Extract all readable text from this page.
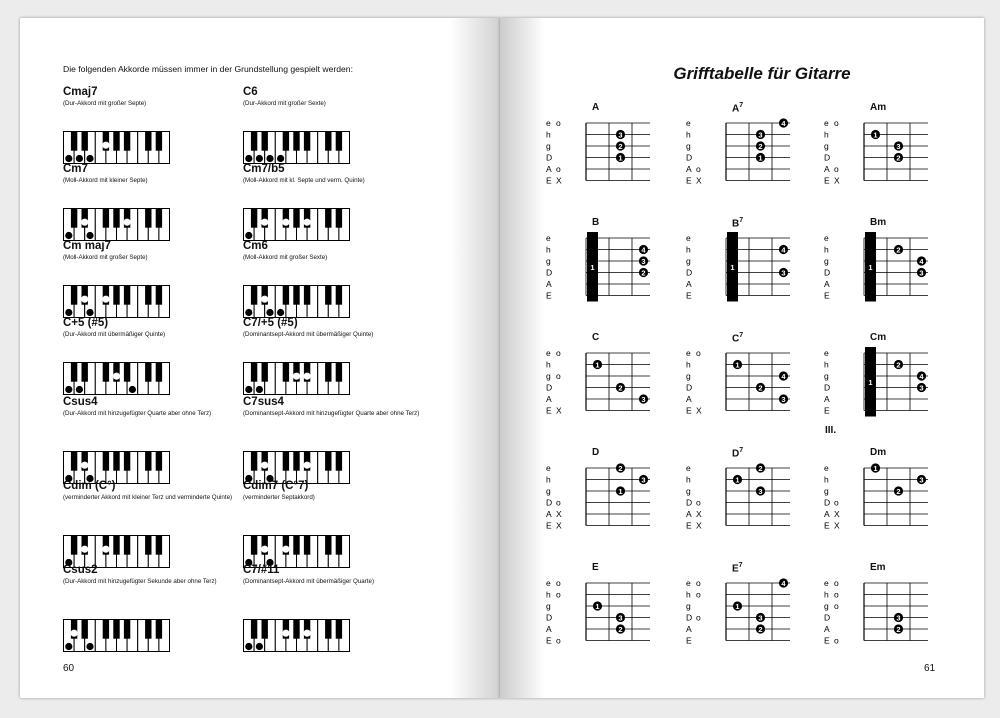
Die folgenden Akkorde müssen immer in der Grundstellung gespielt werden:
Cmaj7
(Dur-Akkord mit großer Septe)
C6
(Dur-Akkord mit großer Sexte)
Cm7
(Moll-Akkord mit kleiner Septe)
Cm7/b5
(Moll-Akkord mit kl. Septe und verm. Quinte)
Cm maj7
(Moll-Akkord mit großer Septe)
Cm6
(Moll-Akkord mit großer Sexte)
C+5 (#5)
(Dur-Akkord mit übermäßiger Quinte)
C7/+5 (#5)
(Dominantsept-Akkord mit übermäßiger Quinte)
Csus4
(Dur-Akkord mit hinzugefügter Quarte aber ohne Terz)
C7sus4
(Dominantsept-Akkord mit hinzugefügter Quarte aber ohne Terz)
Cdim (C°)
(verminderter Akkord mit kleiner Terz und verminderte Quinte)
Cdim7 (C°7)
(verminderter Septakkord)
Csus2
(Dur-Akkord mit hinzugefügter Sekunde aber ohne Terz)
C7/#11
(Dominantsept-Akkord mit übermäßiger Quarte)
60
Grifftabelle für Gitarre
A
e o
h
g
D
A o
E X
3
2
1
$A^7$
e
h
g
D
A o
E X
4
3
2
1
Am
e o
h
g
D
A o
E X
1
3
2
B
e
h
g
D
A
E
1
4
3
2
$B^7$
e
h
g
D
A
E
1
4
3
Bm
e
h
g
D
A
E
1
2
4
3
C
e o
h
g o
D
A
E X
1
2
3
$C^7$
e o
h
g
D
A
E X
1
4
2
3
Cm
e
h
g
D
A
E
1
2
4
3
D
e
h
g
D o
A X
E X
2
3
1
$D^7$
e
h
g
D o
A X
E X
2
1
3
Dm
e
h
g
D o
A X
E X
1
3
2
E
e o
h o
g
D
A
E o
1
3
2
$E^7$
e o
h o
g
D o
A
E
4
1
3
2
Em
e o
h o
g o
D
A
E o
3
2
III.
61
